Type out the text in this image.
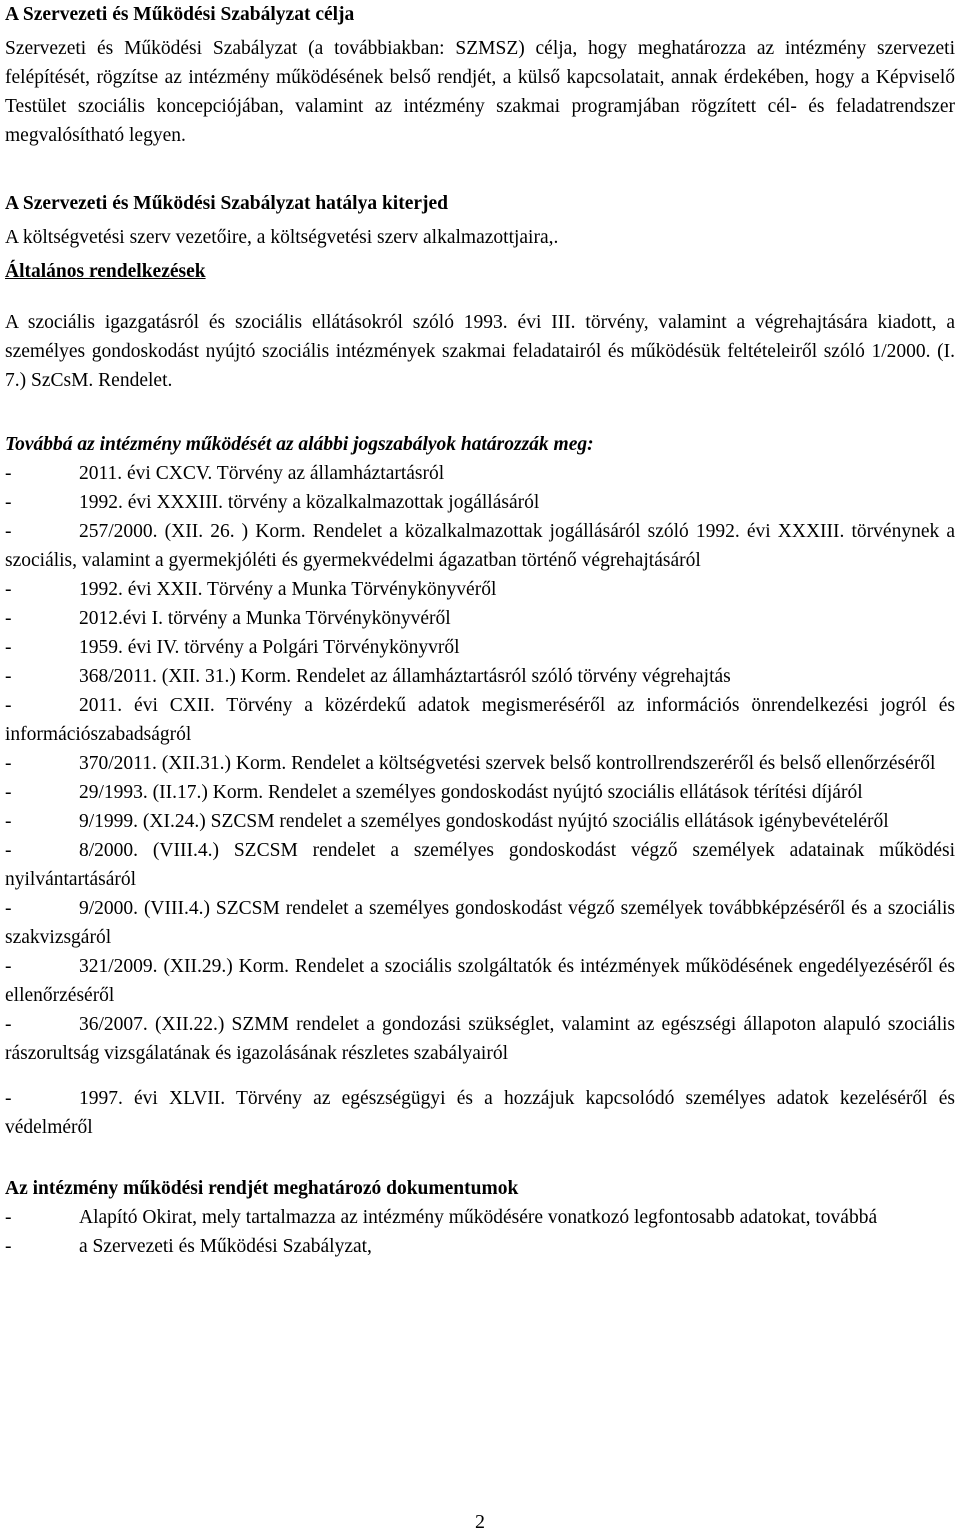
A Szervezeti és Működési Szabályzat célja

Szervezeti és Működési Szabályzat (a továbbiakban: SZMSZ) célja, hogy meghatározza az intézmény szervezeti felépítését, rögzítse az intézmény működésének belső rendjét, a külső kapcsolatait, annak érdekében, hogy a Képviselő Testület szociális koncepciójában, valamint az intézmény szakmai programjában rögzített cél- és feladatrendszer megvalósítható legyen.

A Szervezeti és Működési Szabályzat hatálya kiterjed

A költségvetési szerv vezetőire, a költségvetési szerv alkalmazottjaira,.

Általános rendelkezések

A szociális igazgatásról és szociális ellátásokról szóló 1993. évi III. törvény, valamint a végrehajtására kiadott, a személyes gondoskodást nyújtó szociális intézmények szakmai feladatairól és működésük feltételeiről szóló 1/2000. (I. 7.) SzCsM. Rendelet.

Továbbá az intézmény működését az alábbi jogszabályok határozzák meg:

-	2011. évi CXCV. Törvény az államháztartásról

-	1992. évi XXXIII. törvény a közalkalmazottak jogállásáról

-	257/2000. (XII. 26. ) Korm. Rendelet a közalkalmazottak jogállásáról szóló 1992. évi XXXIII. törvénynek a szociális, valamint a gyermekjóléti és gyermekvédelmi ágazatban történő végrehajtásáról

-	1992. évi XXII. Törvény a Munka Törvénykönyvéről

-	2012.évi I. törvény a Munka Törvénykönyvéről

-	1959. évi IV. törvény a Polgári Törvénykönyvről

-	368/2011. (XII. 31.) Korm. Rendelet az államháztartásról szóló törvény végrehajtás

-	2011. évi CXII. Törvény a közérdekű adatok megismeréséről az információs önrendelkezési jogról és információszabadságról

-	370/2011. (XII.31.) Korm. Rendelet a költségvetési szervek belső kontrollrendszeréről és belső ellenőrzéséről

-	29/1993. (II.17.) Korm. Rendelet a személyes gondoskodást nyújtó szociális ellátások térítési díjáról

-	9/1999. (XI.24.) SZCSM rendelet a személyes gondoskodást nyújtó szociális ellátások igénybevételéről

-	8/2000. (VIII.4.) SZCSM rendelet a személyes gondoskodást végző személyek adatainak működési nyilvántartásáról

-	9/2000. (VIII.4.) SZCSM rendelet a személyes gondoskodást végző személyek továbbképzéséről és a szociális szakvizsgáról

-	321/2009. (XII.29.) Korm. Rendelet a szociális szolgáltatók és intézmények működésének engedélyezéséről és ellenőrzéséről

-	36/2007. (XII.22.) SZMM rendelet a gondozási szükséglet, valamint az egészségi állapoton alapuló szociális rászorultság vizsgálatának és igazolásának részletes szabályairól

-	1997. évi XLVII. Törvény az egészségügyi és a hozzájuk kapcsolódó személyes adatok kezeléséről és védelméről

Az intézmény működési rendjét meghatározó dokumentumok

-	Alapító Okirat, mely tartalmazza az intézmény működésére vonatkozó legfontosabb adatokat, továbbá

-	a Szervezeti és Működési Szabályzat,

2
